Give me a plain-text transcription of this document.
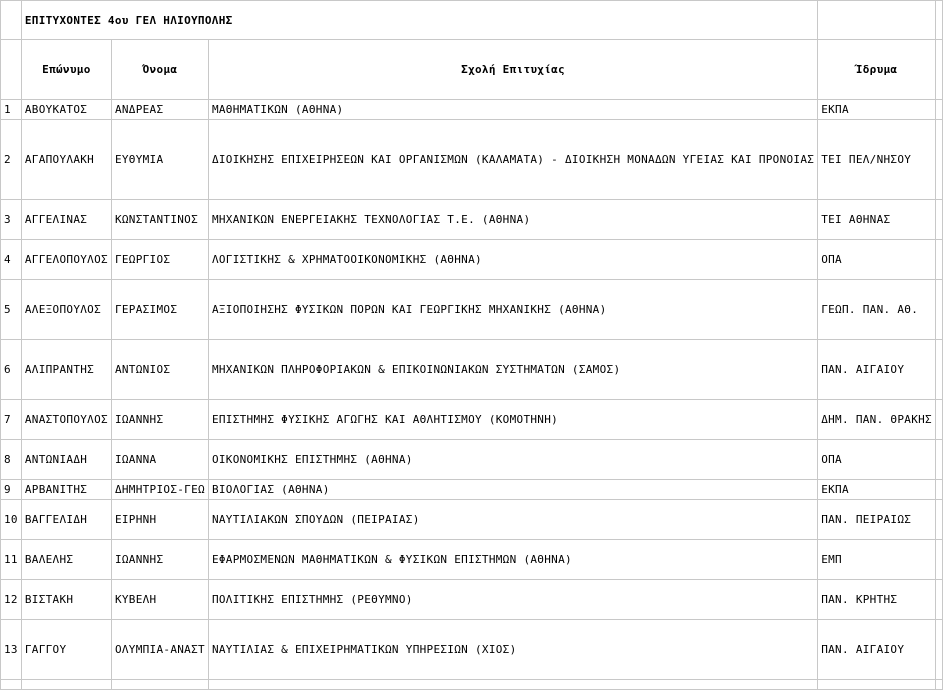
	ΕΠΙΤΥΧΟΝΤΕΣ 4ου ΓΕΛ ΗΛΙΟΥΠΟΛΗΣ				
	Επώνυμο	Όνομα	Σχολή Επιτυχίας	Ίδρυμα	
1	ΑΒΟΥΚΑΤΟΣ	ΑΝΔΡΕΑΣ	ΜΑΘΗΜΑΤΙΚΩΝ (ΑΘΗΝΑ)	ΕΚΠΑ	
2	ΑΓΑΠΟΥΛΑΚΗ	ΕΥΘΥΜΙΑ	ΔΙΟΙΚΗΣΗΣ ΕΠΙΧΕΙΡΗΣΕΩΝ ΚΑΙ ΟΡΓΑΝΙΣΜΩΝ (ΚΑΛΑΜΑΤΑ) - ΔΙΟΙΚΗΣΗ ΜΟΝΑΔΩΝ ΥΓΕΙΑΣ ΚΑΙ ΠΡΟΝΟΙΑΣ	ΤΕΙ ΠΕΛ/ΝΗΣΟΥ	
3	ΑΓΓΕΛΙΝΑΣ	ΚΩΝΣΤΑΝΤΙΝΟΣ	ΜΗΧΑΝΙΚΩΝ ΕΝΕΡΓΕΙΑΚΗΣ ΤΕΧΝΟΛΟΓΙΑΣ Τ.Ε. (ΑΘΗΝΑ)	ΤΕΙ ΑΘΗΝΑΣ	
4	ΑΓΓΕΛΟΠΟΥΛΟΣ	ΓΕΩΡΓΙΟΣ	ΛΟΓΙΣΤΙΚΗΣ & ΧΡΗΜΑΤΟΟΙΚΟΝΟΜΙΚΗΣ (ΑΘΗΝΑ)	ΟΠΑ	
5	ΑΛΕΞΟΠΟΥΛΟΣ	ΓΕΡΑΣΙΜΟΣ	ΑΞΙΟΠΟΙΗΣΗΣ ΦΥΣΙΚΩΝ ΠΟΡΩΝ ΚΑΙ ΓΕΩΡΓΙΚΗΣ ΜΗΧΑΝΙΚΗΣ (ΑΘΗΝΑ)	ΓΕΩΠ. ΠΑΝ. ΑΘ.	
6	ΑΛΙΠΡΑΝΤΗΣ	ΑΝΤΩΝΙΟΣ	ΜΗΧΑΝΙΚΩΝ ΠΛΗΡΟΦΟΡΙΑΚΩΝ & ΕΠΙΚΟΙΝΩΝΙΑΚΩΝ ΣΥΣΤΗΜΑΤΩΝ (ΣΑΜΟΣ)	ΠΑΝ. ΑΙΓΑΙΟΥ	
7	ΑΝΑΣΤΟΠΟΥΛΟΣ	ΙΩΑΝΝΗΣ	ΕΠΙΣΤΗΜΗΣ ΦΥΣΙΚΗΣ ΑΓΩΓΗΣ ΚΑΙ ΑΘΛΗΤΙΣΜΟΥ (ΚΟΜΟΤΗΝΗ)	ΔΗΜ. ΠΑΝ. ΘΡΑΚΗΣ	
8	ΑΝΤΩΝΙΑΔΗ	ΙΩΑΝΝΑ	ΟΙΚΟΝΟΜΙΚΗΣ ΕΠΙΣΤΗΜΗΣ (ΑΘΗΝΑ)	ΟΠΑ	
9	ΑΡΒΑΝΙΤΗΣ	ΔΗΜΗΤΡΙΟΣ-ΓΕΩ	ΒΙΟΛΟΓΙΑΣ (ΑΘΗΝΑ)	ΕΚΠΑ	
10	ΒΑΓΓΕΛΙΔΗ	ΕΙΡΗΝΗ	ΝΑΥΤΙΛΙΑΚΩΝ ΣΠΟΥΔΩΝ (ΠΕΙΡΑΙΑΣ)	ΠΑΝ. ΠΕΙΡΑΙΩΣ	
11	ΒΑΛΕΛΗΣ	ΙΩΑΝΝΗΣ	ΕΦΑΡΜΟΣΜΕΝΩΝ ΜΑΘΗΜΑΤΙΚΩΝ & ΦΥΣΙΚΩΝ ΕΠΙΣΤΗΜΩΝ (ΑΘΗΝΑ)	ΕΜΠ	
12	ΒΙΣΤΑΚΗ	ΚΥΒΕΛΗ	ΠΟΛΙΤΙΚΗΣ ΕΠΙΣΤΗΜΗΣ (ΡΕΘΥΜΝΟ)	ΠΑΝ. ΚΡΗΤΗΣ	
13	ΓΑΓΓΟΥ	ΟΛΥΜΠΙΑ-ΑΝΑΣΤ	ΝΑΥΤΙΛΙΑΣ & ΕΠΙΧΕΙΡΗΜΑΤΙΚΩΝ ΥΠΗΡΕΣΙΩΝ (ΧΙΟΣ)	ΠΑΝ. ΑΙΓΑΙΟΥ	
